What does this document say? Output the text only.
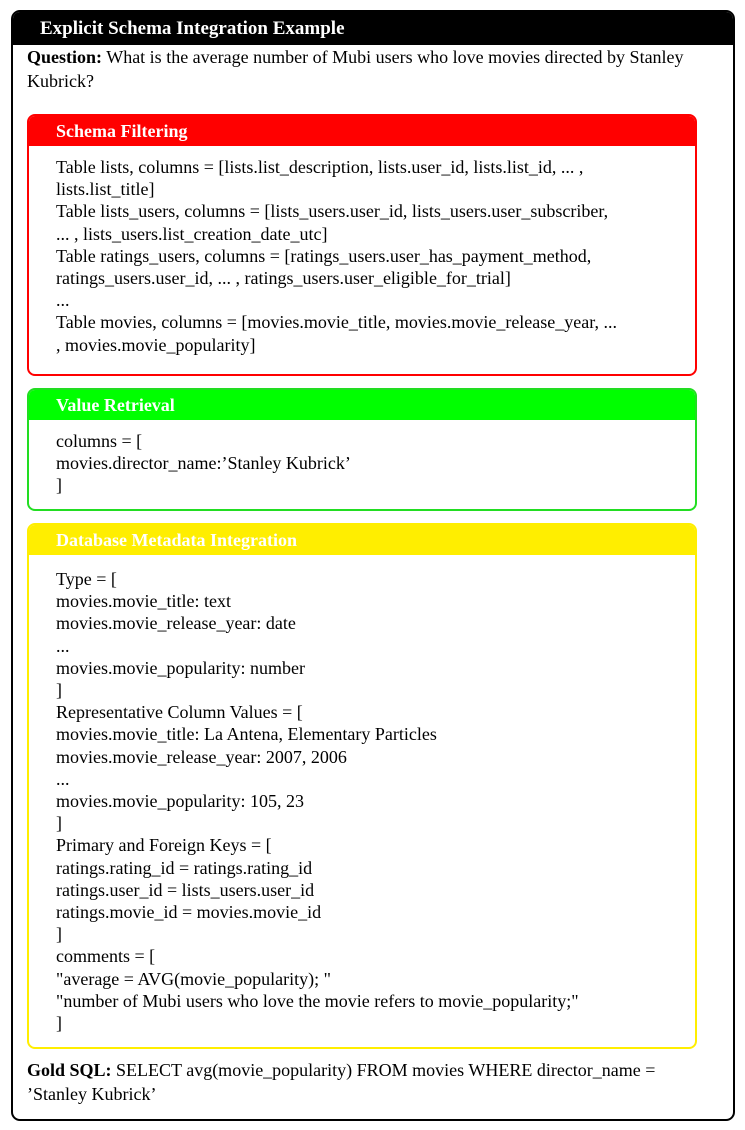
Explicit Schema Integration Example
Question: What is the average number of Mubi users who love movies directed by Stanley Kubrick?
Schema Filtering
Table lists, columns = [lists.list_description, lists.user_id, lists.list_id, ... ,
lists.list_title]
Table lists_users, columns = [lists_users.user_id, lists_users.user_subscriber,
... , lists_users.list_creation_date_utc]
Table ratings_users, columns = [ratings_users.user_has_payment_method,
ratings_users.user_id, ... , ratings_users.user_eligible_for_trial]
...
Table movies, columns = [movies.movie_title, movies.movie_release_year, ...
, movies.movie_popularity]
Value Retrieval
columns = [
movies.director_name:’Stanley Kubrick’
]
Database Metadata Integration
Type = [
movies.movie_title: text
movies.movie_release_year: date
...
movies.movie_popularity: number
]
Representative Column Values = [
movies.movie_title: La Antena, Elementary Particles
movies.movie_release_year: 2007, 2006
...
movies.movie_popularity: 105, 23
]
Primary and Foreign Keys = [
ratings.rating_id = ratings.rating_id
ratings.user_id = lists_users.user_id
ratings.movie_id = movies.movie_id
]
comments = [
"average = AVG(movie_popularity); "
"number of Mubi users who love the movie refers to movie_popularity;"
]
Gold SQL: SELECT avg(movie_popularity) FROM movies WHERE director_name = ’Stanley Kubrick’
